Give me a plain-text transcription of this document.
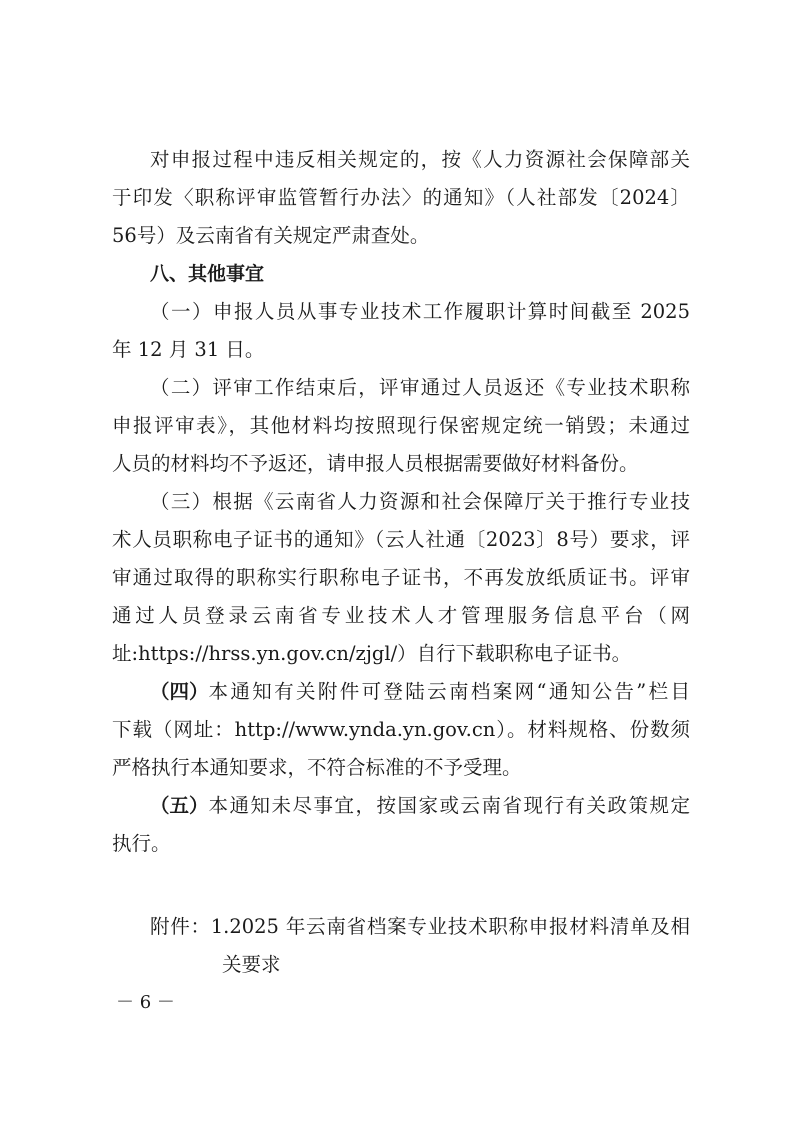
对申报过程中违反相关规定的，按《人力资源社会保障部关
于印发〈职称评审监管暂行办法〉的通知》（人社部发〔2024〕
56号）及云南省有关规定严肃查处。
八、其他事宜
（一）申报人员从事专业技术工作履职计算时间截至 2025
年 12 月 31 日。
（二）评审工作结束后，评审通过人员返还《专业技术职称
申报评审表》，其他材料均按照现行保密规定统一销毁；未通过
人员的材料均不予返还，请申报人员根据需要做好材料备份。
（三）根据《云南省人力资源和社会保障厅关于推行专业技
术人员职称电子证书的通知》（云人社通〔2023〕8号）要求，评
审通过取得的职称实行职称电子证书，不再发放纸质证书。评审
通过人员登录云南省专业技术人才管理服务信息平台（网
址:https://hrss.yn.gov.cn/zjgl/）自行下载职称电子证书。
（四） 本通知有关附件可登陆云南档案网“通知公告”栏目
下载（网址：http://www.ynda.yn.gov.cn）。材料规格、份数须
严格执行本通知要求，不符合标准的不予受理。
（五） 本通知未尽事宜，按国家或云南省现行有关政策规定
执行。
附件：1.2025 年云南省档案专业技术职称申报材料清单及相
关要求
－ 6 －
